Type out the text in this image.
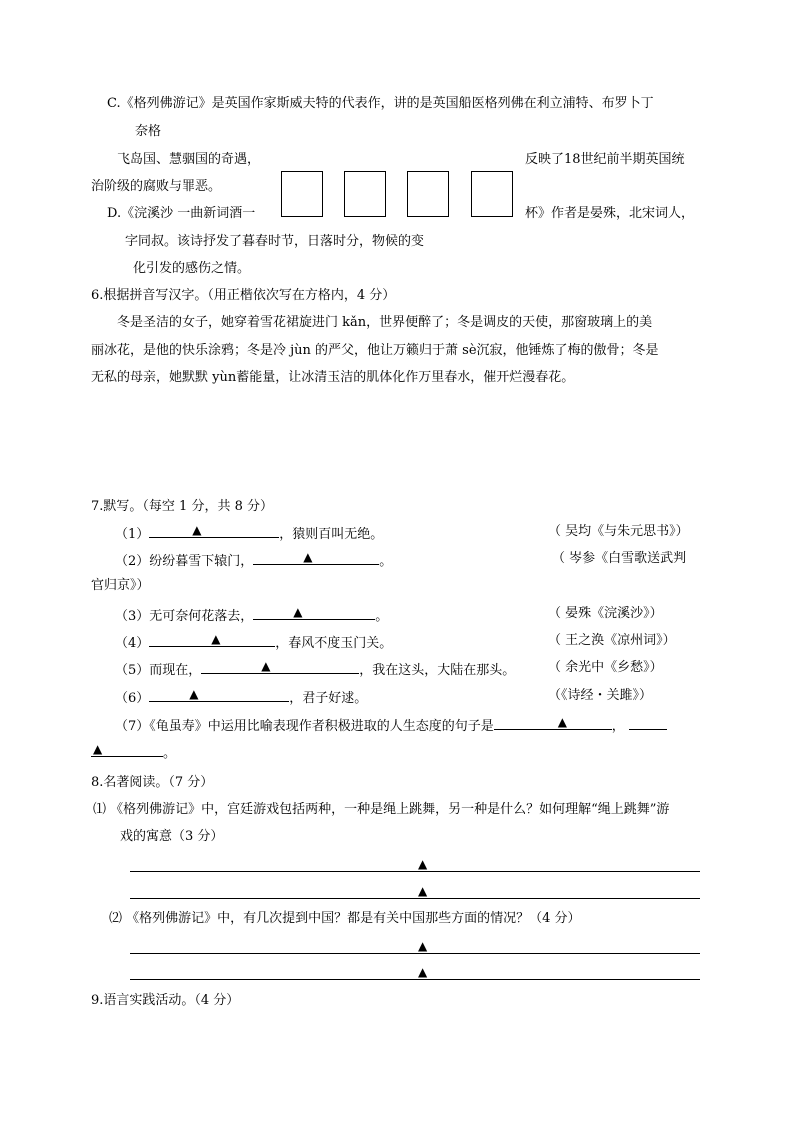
C.《格列佛游记》是英国作家斯威夫特的代表作，讲的是英国船医格列佛在利立浦特、布罗卜丁
奈格
飞岛国、慧骃国的奇遇，	反映了18世纪前半期英国统
治阶级的腐败与罪恶。
D.《浣溪沙 一曲新词酒一	杯》作者是晏殊，北宋词人，
字同叔。该诗抒发了暮春时节，日落时分，物候的变
化引发的感伤之情。
6.根据拼音写汉字。（用正楷依次写在方格内，4 分）
冬是圣洁的女子，她穿着雪花裙旋进门 kǎn，世界便醉了；冬是调皮的天使，那窗玻璃上的美
丽冰花，是他的快乐涂鸦；冬是冷 jùn 的严父，他让万籁归于萧 sè沉寂，他锤炼了梅的傲骨；冬是
无私的母亲，她默默 yùn蓄能量，让冰清玉洁的肌体化作万里春水，催开烂漫春花。
7.默写。（每空 1 分，共 8 分）
（1）	▲	，猿则百叫无绝。	（ 吴均《与朱元思书》）
（2）纷纷暮雪下辕门，	▲	。	（ 岑参《白雪歌送武判
官归京》）
（3）无可奈何花落去，	▲	。	（ 晏殊《浣溪沙》）
（4）	▲	，春风不度玉门关。	（ 王之涣《凉州词》）
（5）而现在，	▲	，我在这头，大陆在那头。	（ 余光中《乡愁》）
（6）	▲	，君子好逑。	（《诗经・关雎》）
（7）《龟虽寿》中运用比喻表现作者积极进取的人生态度的句子是	▲	，
▲	。
8.名著阅读。（7 分）
⑴ 《格列佛游记》中，宫廷游戏包括两种，一种是绳上跳舞，另一种是什么？如何理解“绳上跳舞”游
戏的寓意（3 分）
▲
▲
⑵ 《格列佛游记》中，有几次提到中国？都是有关中国那些方面的情况？（4 分）
▲
▲
9.语言实践活动。（4 分）
